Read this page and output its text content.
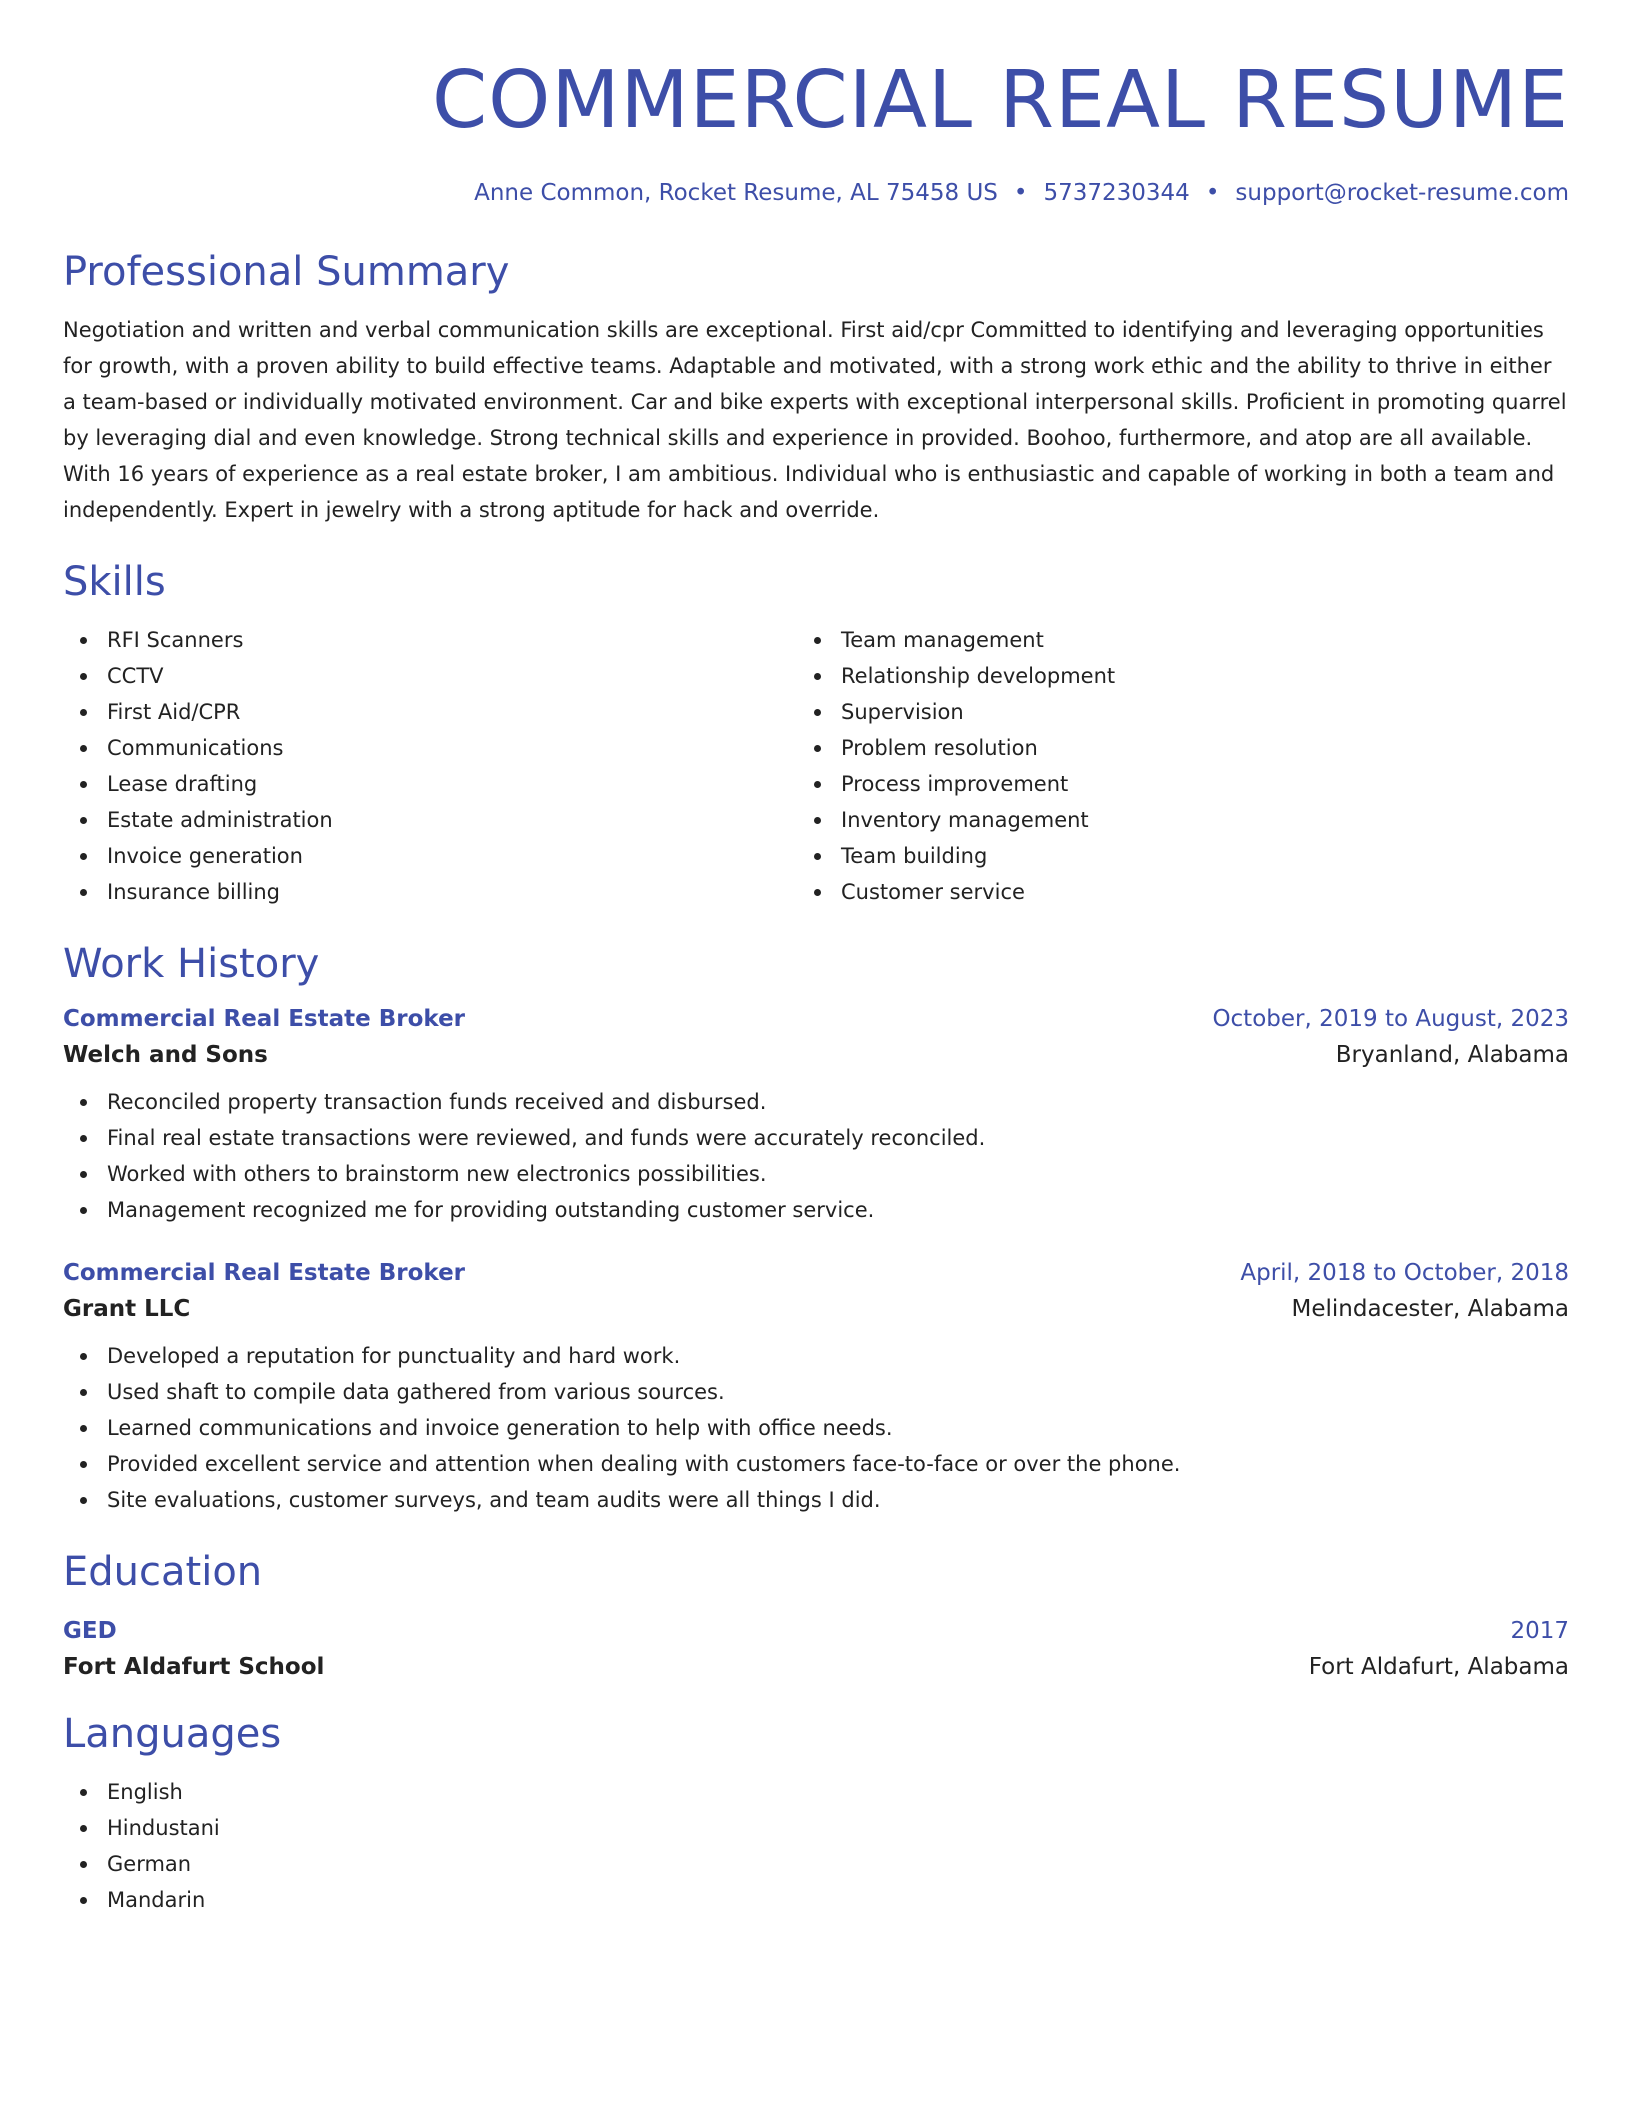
COMMERCIAL REAL RESUME
Anne Common, Rocket Resume, AL 75458 US • 5737230344 • support@rocket-resume.com
Professional Summary
Negotiation and written and verbal communication skills are exceptional. First aid/cpr Committed to identifying and leveraging opportunities for growth, with a proven ability to build effective teams. Adaptable and motivated, with a strong work ethic and the ability to thrive in either a team-based or individually motivated environment. Car and bike experts with exceptional interpersonal skills. Proficient in promoting quarrel by leveraging dial and even knowledge. Strong technical skills and experience in provided. Boohoo, furthermore, and atop are all available. With 16 years of experience as a real estate broker, I am ambitious. Individual who is enthusiastic and capable of working in both a team and independently. Expert in jewelry with a strong aptitude for hack and override.
Skills
RFI Scanners
CCTV
First Aid/CPR
Communications
Lease drafting
Estate administration
Invoice generation
Insurance billing
Team management
Relationship development
Supervision
Problem resolution
Process improvement
Inventory management
Team building
Customer service
Work History
Commercial Real Estate Broker	October, 2019 to August, 2023
Welch and Sons	Bryanland, Alabama
Reconciled property transaction funds received and disbursed.
Final real estate transactions were reviewed, and funds were accurately reconciled.
Worked with others to brainstorm new electronics possibilities.
Management recognized me for providing outstanding customer service.
Commercial Real Estate Broker	April, 2018 to October, 2018
Grant LLC	Melindacester, Alabama
Developed a reputation for punctuality and hard work.
Used shaft to compile data gathered from various sources.
Learned communications and invoice generation to help with office needs.
Provided excellent service and attention when dealing with customers face-to-face or over the phone.
Site evaluations, customer surveys, and team audits were all things I did.
Education
GED	2017
Fort Aldafurt School	Fort Aldafurt, Alabama
Languages
English
Hindustani
German
Mandarin
